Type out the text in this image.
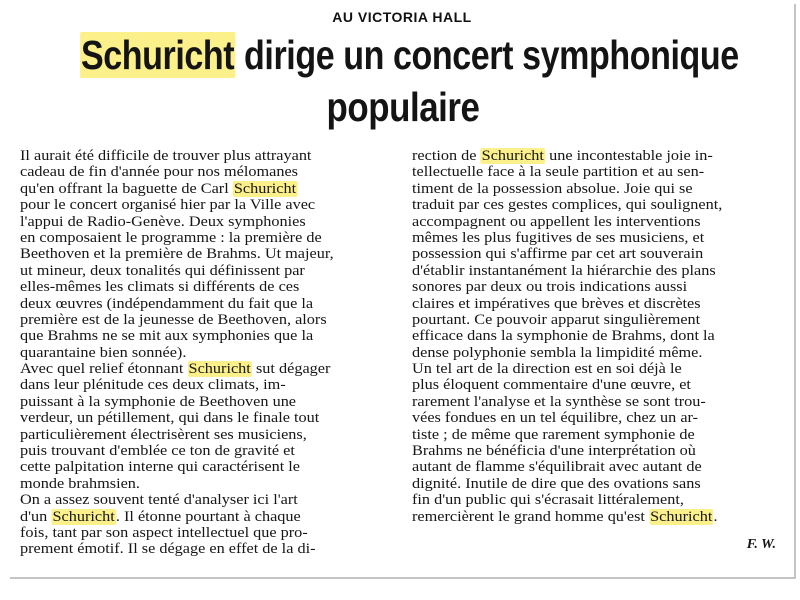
AU VICTORIA HALL
Schuricht dirige un concert symphonique
populaire
Il aurait été difficile de trouver plus attrayant
cadeau de fin d'année pour nos mélomanes
qu'en offrant la baguette de Carl Schuricht
pour le concert organisé hier par la Ville avec
l'appui de Radio-Genève. Deux symphonies
en composaient le programme : la première de
Beethoven et la première de Brahms. Ut majeur,
ut mineur, deux tonalités qui définissent par
elles-mêmes les climats si différents de ces
deux œuvres (indépendamment du fait que la
première est de la jeunesse de Beethoven, alors
que Brahms ne se mit aux symphonies que la
quarantaine bien sonnée).
Avec quel relief étonnant Schuricht sut dégager
dans leur plénitude ces deux climats, im-
puissant à la symphonie de Beethoven une
verdeur, un pétillement, qui dans le finale tout
particulièrement électrisèrent ses musiciens,
puis trouvant d'emblée ce ton de gravité et
cette palpitation interne qui caractérisent le
monde brahmsien.
On a assez souvent tenté d'analyser ici l'art
d'un Schuricht. Il étonne pourtant à chaque
fois, tant par son aspect intellectuel que pro-
prement émotif. Il se dégage en effet de la di-
rection de Schuricht une incontestable joie in-
tellectuelle face à la seule partition et au sen-
timent de la possession absolue. Joie qui se
traduit par ces gestes complices, qui soulignent,
accompagnent ou appellent les interventions
mêmes les plus fugitives de ses musiciens, et
possession qui s'affirme par cet art souverain
d'établir instantanément la hiérarchie des plans
sonores par deux ou trois indications aussi
claires et impératives que brèves et discrètes
pourtant. Ce pouvoir apparut singulièrement
efficace dans la symphonie de Brahms, dont la
dense polyphonie sembla la limpidité même.
Un tel art de la direction est en soi déjà le
plus éloquent commentaire d'une œuvre, et
rarement l'analyse et la synthèse se sont trou-
vées fondues en un tel équilibre, chez un ar-
tiste ; de même que rarement symphonie de
Brahms ne bénéficia d'une interprétation où
autant de flamme s'équilibrait avec autant de
dignité. Inutile de dire que des ovations sans
fin d'un public qui s'écrasait littéralement,
remercièrent le grand homme qu'est Schuricht.
F. W.
